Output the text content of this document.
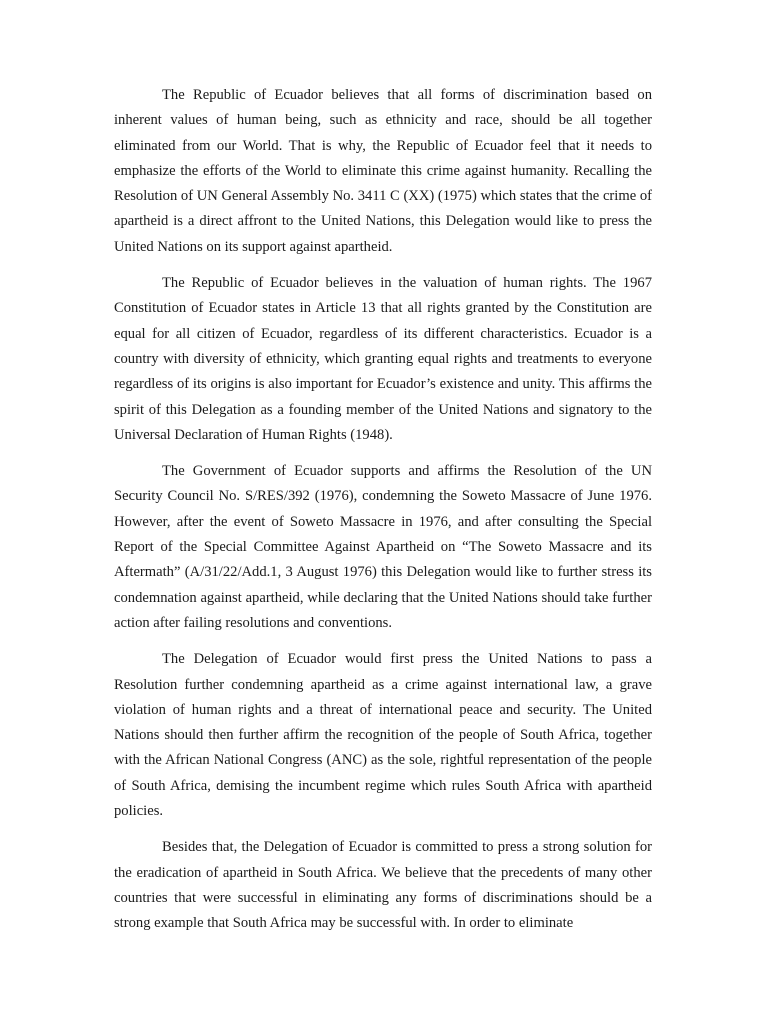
The Republic of Ecuador believes that all forms of discrimination based on inherent values of human being, such as ethnicity and race, should be all together eliminated from our World. That is why, the Republic of Ecuador feel that it needs to emphasize the efforts of the World to eliminate this crime against humanity. Recalling the Resolution of UN General Assembly No. 3411 C (XX) (1975) which states that the crime of apartheid is a direct affront to the United Nations, this Delegation would like to press the United Nations on its support against apartheid.

The Republic of Ecuador believes in the valuation of human rights. The 1967 Constitution of Ecuador states in Article 13 that all rights granted by the Constitution are equal for all citizen of Ecuador, regardless of its different characteristics. Ecuador is a country with diversity of ethnicity, which granting equal rights and treatments to everyone regardless of its origins is also important for Ecuador’s existence and unity. This affirms the spirit of this Delegation as a founding member of the United Nations and signatory to the Universal Declaration of Human Rights (1948).

The Government of Ecuador supports and affirms the Resolution of the UN Security Council No. S/RES/392 (1976), condemning the Soweto Massacre of June 1976. However, after the event of Soweto Massacre in 1976, and after consulting the Special Report of the Special Committee Against Apartheid on “The Soweto Massacre and its Aftermath” (A/31/22/Add.1, 3 August 1976) this Delegation would like to further stress its condemnation against apartheid, while declaring that the United Nations should take further action after failing resolutions and conventions.

The Delegation of Ecuador would first press the United Nations to pass a Resolution further condemning apartheid as a crime against international law, a grave violation of human rights and a threat of international peace and security. The United Nations should then further affirm the recognition of the people of South Africa, together with the African National Congress (ANC) as the sole, rightful representation of the people of South Africa, demising the incumbent regime which rules South Africa with apartheid policies.

Besides that, the Delegation of Ecuador is committed to press a strong solution for the eradication of apartheid in South Africa. We believe that the precedents of many other countries that were successful in eliminating any forms of discriminations should be a strong example that South Africa may be successful with. In order to eliminate
